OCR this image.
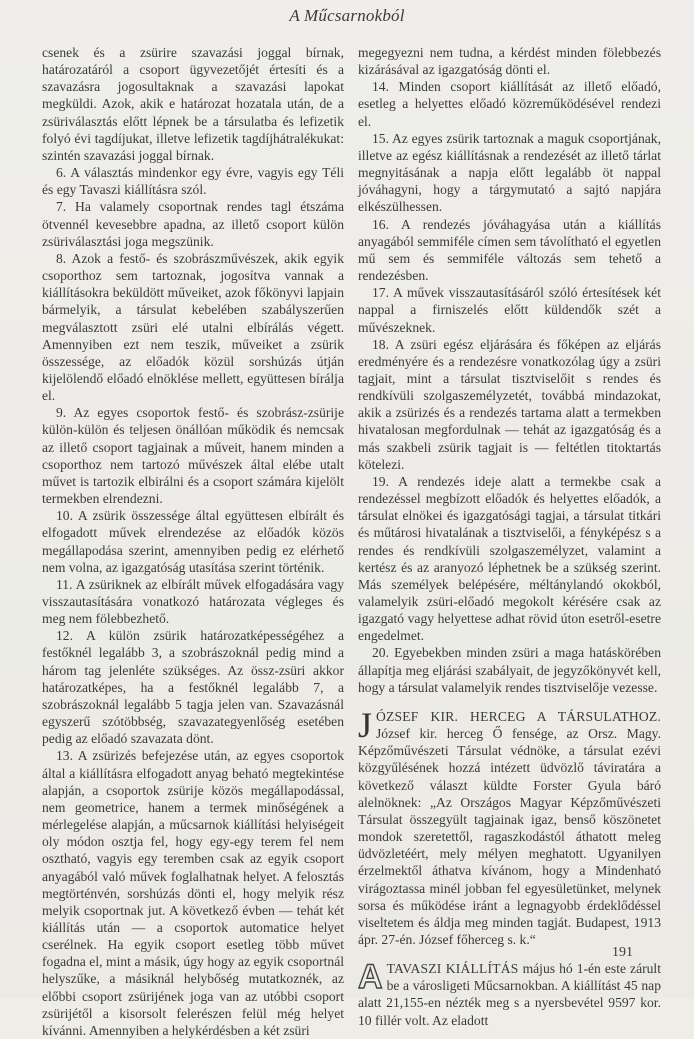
A Műcsarnokból

csenek és a zsürire szavazási joggal bírnak, határozatáról a csoport ügyvezetőjét értesíti és a szavazásra jogosultaknak a szavazási lapokat megküldi. Azok, akik e határozat hozatala után, de a zsüriválasztás előtt lépnek be a társulatba és lefizetik folyó évi tagdíjukat, illetve lefizetik tagdíjhátralékukat: szintén szavazási joggal bírnak.

6. A választás mindenkor egy évre, vagyis egy Téli és egy Tavaszi kiállításra szól.

7. Ha valamely csoportnak rendes tagl étszáma ötvennél kevesebbre apadna, az illető csoport külön zsüriválasztási joga megszünik.

8. Azok a festő- és szobrászművészek, akik egyik csoporthoz sem tartoznak, jogosítva vannak a kiállításokra beküldött műveiket, azok főkönyvi lapjain bármelyik, a társulat kebelében szabályszerűen megválasztott zsüri elé utalni elbírálás végett. Amennyiben ezt nem teszik, műveiket a zsürik összessége, az előadók közül sorshúzás útján kijelölendő előadó elnöklése mellett, együttesen bírálja el.

9. Az egyes csoportok festő- és szobrász-zsürije külön-külön és teljesen önállóan működik és nemcsak az illető csoport tagjainak a műveit, hanem minden a csoporthoz nem tartozó művészek által elébe utalt művet is tartozik elbirálni és a csoport számára kijelölt termekben elrendezni.

10. A zsürik összessége által együttesen elbírált és elfogadott művek elrendezése az előadók közös megállapodása szerint, amennyiben pedig ez elérhető nem volna, az igazgatóság utasítása szerint történik.

11. A zsüriknek az elbírált művek elfogadására vagy visszautasítására vonatkozó határozata végleges és meg nem fölebbezhető.

12. A külön zsürik határozatképességéhez a festőknél legalább 3, a szobrászoknál pedig mind a három tag jelenléte szükséges. Az össz-zsüri akkor határozatképes, ha a festőknél legalább 7, a szobrászoknál legalább 5 tagja jelen van. Szavazásnál egyszerű szótöbbség, szavazategyenlőség esetében pedig az előadó szavazata dönt.

13. A zsürizés befejezése után, az egyes csoportok által a kiállításra elfogadott anyag beható megtekintése alapján, a csoportok zsürije közös megállapodással, nem geometrice, hanem a termek minőségének a mérlegelése alapján, a műcsarnok kiállítási helyiségeit oly módon osztja fel, hogy egy-egy terem fel nem osztható, vagyis egy teremben csak az egyik csoport anyagából való művek foglalhatnak helyet. A felosztás megtörténvén, sorshúzás dönti el, hogy melyik rész melyik csoportnak jut. A következő évben — tehát két kiállítás után — a csoportok automatice helyet cserélnek. Ha egyik csoport esetleg több művet fogadna el, mint a másik, úgy hogy az egyik csoportnál helyszűke, a másiknál helybőség mutatkoznék, az előbbi csoport zsürijének joga van az utóbbi csoport zsürijétől a kisorsolt felerészen felül még helyet kívánni. Amennyiben a helykérdésben a két zsüri

megegyezni nem tudna, a kérdést minden fölebbezés kizárásával az igazgatóság dönti el.

14. Minden csoport kiállítását az illető előadó, esetleg a helyettes előadó közreműködésével rendezi el.

15. Az egyes zsürik tartoznak a maguk csoportjának, illetve az egész kiállításnak a rendezését az illető tárlat megnyitásának a napja előtt legalább öt nappal jóváhagyni, hogy a tárgymutató a sajtó napjára elkészülhessen.

16. A rendezés jóváhagyása után a kiállítás anyagából semmiféle címen sem távolítható el egyetlen mű sem és semmiféle változás sem tehető a rendezésben.

17. A művek visszautasításáról szóló értesítések két nappal a firniszelés előtt küldendők szét a művészeknek.

18. A zsüri egész eljárására és főképen az eljárás eredményére és a rendezésre vonatkozólag úgy a zsüri tagjait, mint a társulat tisztviselőit s rendes és rendkívüli szolgaszemélyzetét, továbbá mindazokat, akik a zsürizés és a rendezés tartama alatt a termekben hivatalosan megfordulnak — tehát az igazgatóság és a más szakbeli zsürik tagjait is — feltétlen titoktartás kötelezi.

19. A rendezés ideje alatt a termekbe csak a rendezéssel megbízott előadók és helyettes előadók, a társulat elnökei és igazgatósági tagjai, a társulat titkári és műtárosi hivatalának a tisztviselői, a fényképész s a rendes és rendkívüli szolgaszemélyzet, valamint a kertész és az aranyozó léphetnek be a szükség szerint. Más személyek belépésére, méltánylandó okokból, valamelyik zsüri-előadó megokolt kérésére csak az igazgató vagy helyettese adhat rövid úton esetről-esetre engedelmet.

20. Egyebekben minden zsüri a maga hatáskörében állapítja meg eljárási szabályait, de jegyzőkönyvét kell, hogy a társulat valamelyik rendes tisztviselője vezesse.

JÓZSEF KIR. HERCEG A TÁRSULATHOZ. József kir. herceg Ő fensége, az Orsz. Magy. Képzőművészeti Társulat védnöke, a társulat ezévi közgyűlésének hozzá intézett üdvözlő táviratára a következő választ küldte Forster Gyula báró alelnöknek: „Az Országos Magyar Képzőművészeti Társulat összegyült tagjainak igaz, benső köszönetet mondok szeretettől, ragaszkodástól áthatott meleg üdvözletéért, mely mélyen meghatott. Ugyanilyen érzelmektől áthatva kívánom, hogy a Mindenható virágoztassa minél jobban fel egyesületünket, melynek sorsa és működése iránt a legnagyobb érdeklődéssel viseltetem és áldja meg minden tagját. Budapest, 1913 ápr. 27-én. József főherceg s. k.“

ATAVASZI KIÁLLÍTÁS május hó 1-én este zárult be a városligeti Műcsarnokban. A kiállítást 45 nap alatt 21,155-en nézték meg s a nyersbevétel 9597 kor. 10 fillér volt. Az eladott

191
